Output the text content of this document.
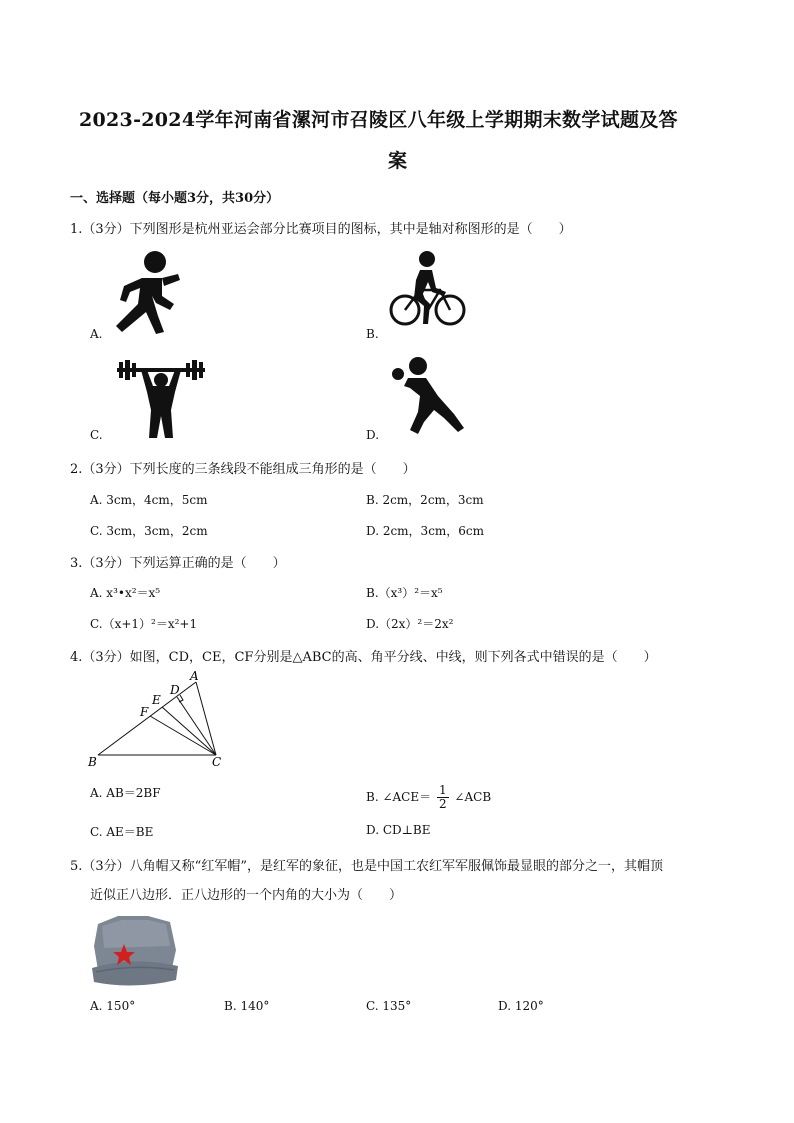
2023-2024学年河南省漯河市召陵区八年级上学期期末数学试题及答
案
一、选择题（每小题3分，共30分）
1.（3分）下列图形是杭州亚运会部分比赛项目的图标，其中是轴对称图形的是（　　）
A.	B.
C.	D.
2.（3分）下列长度的三条线段不能组成三角形的是（　　）
A. 3cm，4cm，5cm	B. 2cm，2cm，3cm
C. 3cm，3cm，2cm	D. 2cm，3cm，6cm
3.（3分）下列运算正确的是（　　）
A. x³•x²＝x⁵	B.（x³）²＝x⁵
C.（x+1）²＝x²+1	D.（2x）²＝2x²
4.（3分）如图，CD，CE，CF分别是△ABC的高、角平分线、中线，则下列各式中错误的是（　　）
A
D
E
F
B	C
A. AB＝2BF	B. ∠ACE＝ $\frac{1}{2}$ ∠ACB
C. AE＝BE	D. CD⊥BE
5.（3分）八角帽又称“红军帽”，是红军的象征，也是中国工农红军军服佩饰最显眼的部分之一，其帽顶
近似正八边形．正八边形的一个内角的大小为（　　）
A. 150°	B. 140°	C. 135°	D. 120°
